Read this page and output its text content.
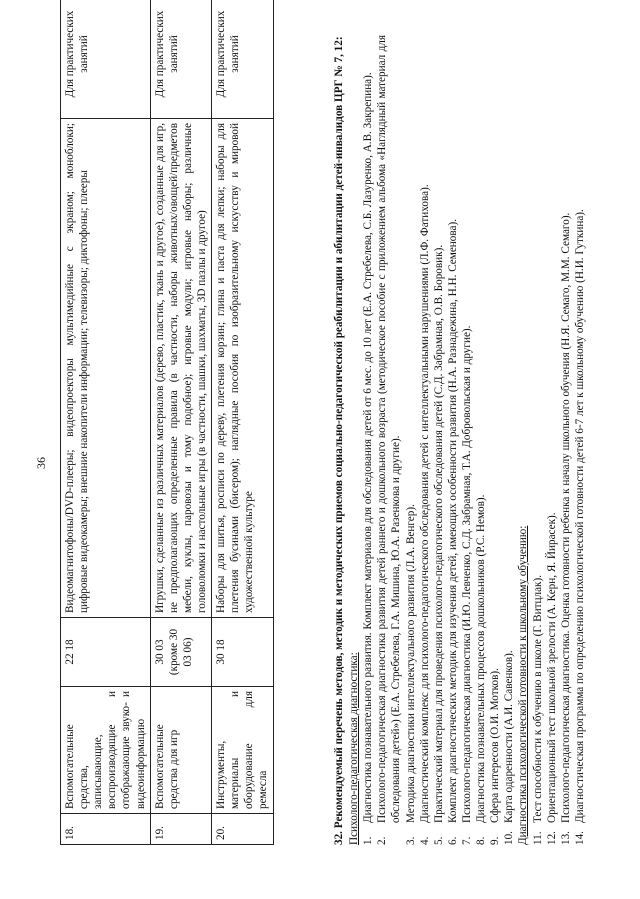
36
18.	Вспомогательные средства, записывающие, воспроизводящие и отображающие звуко- и видеоинформацию	22 18	Видеомагнитофоны/DVD-плееры; видеопроекторы мультимедийные с экраном; моноблоки; цифровые видеокамеры; внешние накопители информации; телевизоры; диктофоны; плееры	Для практических занятий
19.	Вспомогательные средства для игр	30 03 (кроме 30 03 06)	Игрушки, сделанные из различных материалов (дерево, пластик, ткань и другое), созданные для игр, не предполагающих определенные правила (в частности, наборы животных/овощей/предметов мебели, куклы, паровозы и тому подобное); игровые модули; игровые наборы; различные головоломки и настольные игры (в частности, шашки, шахматы, 3D пазлы и другое)	Для практических занятий
20.	Инструменты, материалы и оборудование для ремесла	30 18	Наборы для шитья, росписи по дереву, плетения корзин; глина и паста для лепки; наборы для плетения бусинами (бисером); наглядные пособия по изобразительному искусству и мировой художественной культуре	Для практических занятий	32. Рекомендуемый перечень методов, методик и методических приемов социально-педагогической реабилитации и абилитации детей-инвалидов ЦРГ № 7, 12: Психолого-педагогическая диагностика: 1.
Диагностика познавательного развития. Комплект материалов для обследования детей от 6 мес. до 10 лет (Е.А. Стребелева, С.Б. Лазуренко, А.В. Закрепина).
2.
Психолого-педагогическая диагностика развития детей раннего и дошкольного возраста (методическое пособие с приложением альбома «Наглядный материал для обследования детей») (Е.А. Стребелева, Г.А. Мишина, Ю.А. Разенкова и другие).
3.
Методика диагностики интеллектуального развития (Л.А. Венгер).
4.
Диагностический комплекс для психолого-педагогического обследования детей с интеллектуальными нарушениями (Л.Ф. Фатихова).
5.
Практический материал для проведения психолого-педагогического обследования детей (С.Д. Забрамная, О.В. Боровик).
6.
Комплект диагностических методик для изучения детей, имеющих особенности развития (Н.А. Разнадежина, Н.Н. Семенова).
7.
Психолого-педагогическая диагностика (И.Ю. Левченко, С.Д. Забрамная, Т.А. Добровольская и другие).
8.
Диагностика познавательных процессов дошкольников (Р.С. Немов).
9.
Сфера интересов (О.И. Мотков).
10.
Карта одаренности (А.И. Савенков). Диагностика психологической готовности к школьному обучению: 11.
Тест способности к обучению в школе (Г. Витцлак).
12.
Ориентационный тест школьной зрелости (А. Керн, Я. Йирасек).
13.
Психолого-педагогическая диагностика. Оценка готовности ребенка к началу школьного обучения (Н.Я. Семаго, М.М. Семаго).
14.
Диагностическая программа по определению психологической готовности детей 6-7 лет к школьному обучению (Н.И. Гуткина).
